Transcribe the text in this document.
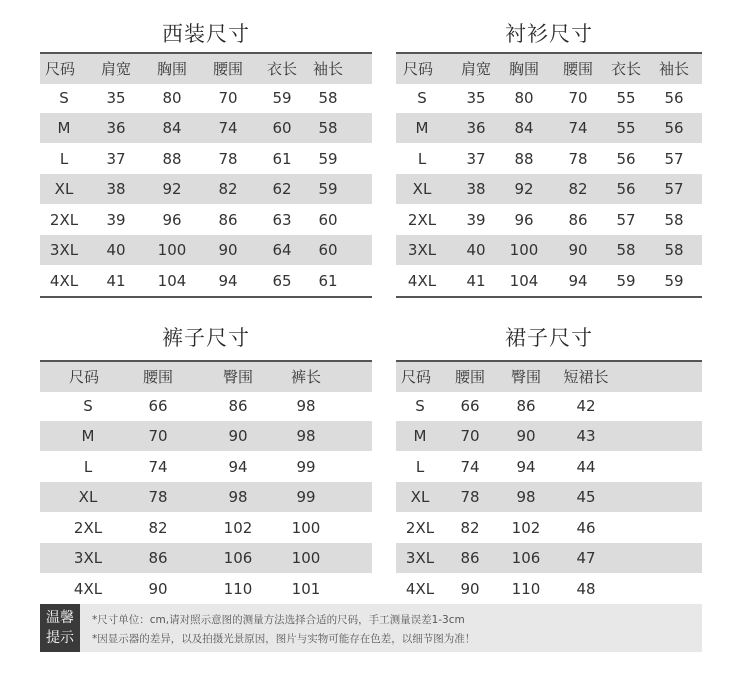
西装尺寸
尺码	肩宽	胸围	腰围	衣长	袖长
S	35	80	70	59	58
M	36	84	74	60	58
L	37	88	78	61	59
XL	38	92	82	62	59
2XL	39	96	86	63	60
3XL	40	100	90	64	60
4XL	41	104	94	65	61
衬衫尺寸
尺码	肩宽	胸围	腰围	衣长	袖长
S	35	80	70	55	56
M	36	84	74	55	56
L	37	88	78	56	57
XL	38	92	82	56	57
2XL	39	96	86	57	58
3XL	40	100	90	58	58
4XL	41	104	94	59	59
裤子尺寸
尺码	腰围	臀围	裤长
S	66	86	98
M	70	90	98
L	74	94	99
XL	78	98	99
2XL	82	102	100
3XL	86	106	100
4XL	90	110	101
裙子尺寸
尺码	腰围	臀围	短裙长
S	66	86	42
M	70	90	43
L	74	94	44
XL	78	98	45
2XL	82	102	46
3XL	86	106	47
4XL	90	110	48
温馨
提示
*尺寸单位：cm,请对照示意图的测量方法选择合适的尺码，手工测量误差1-3cm
*因显示器的差异，以及拍摄光景原因，图片与实物可能存在色差，以细节图为准！
